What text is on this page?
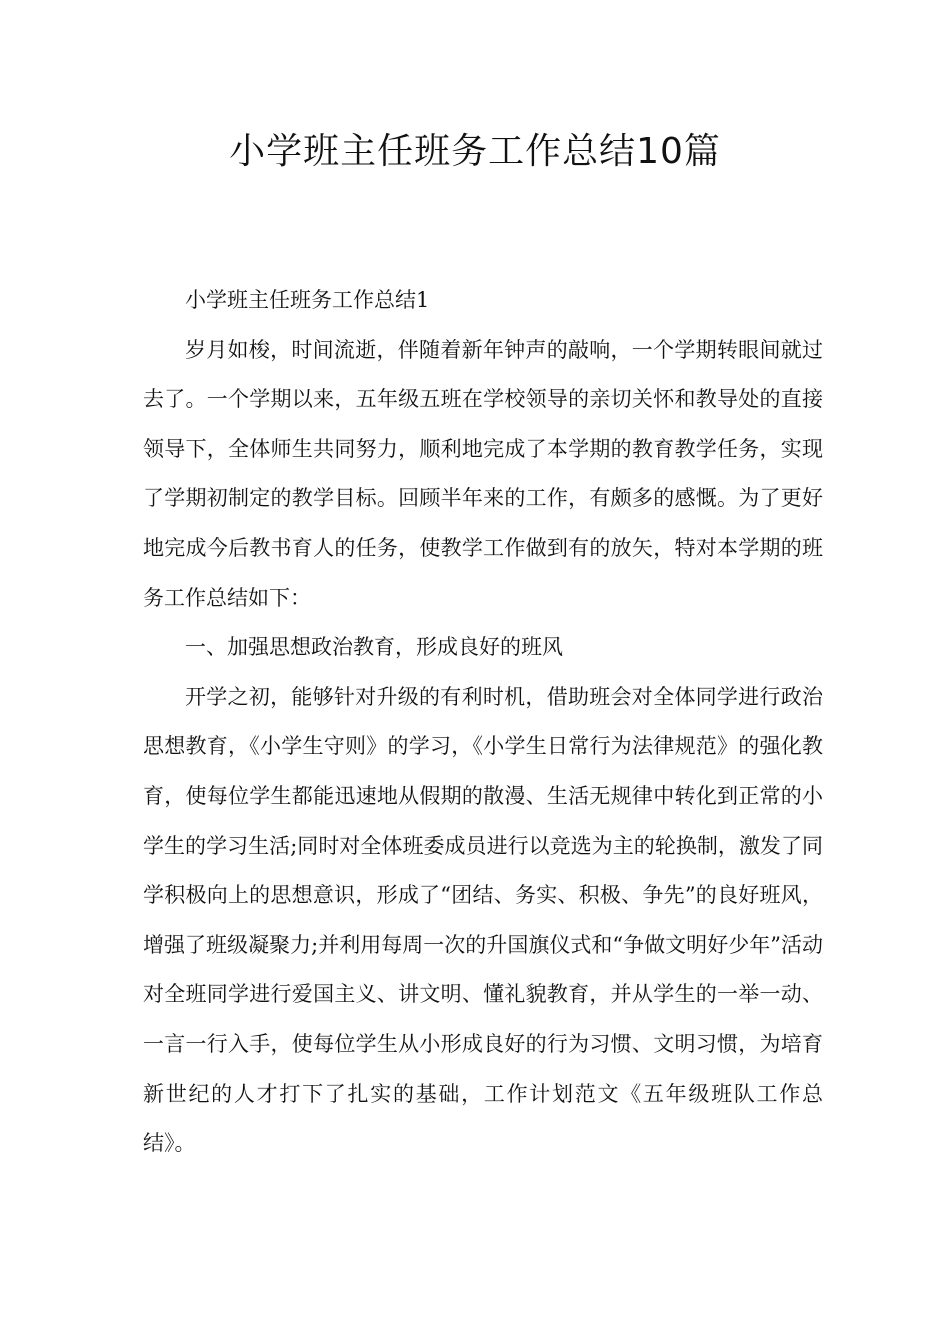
小学班主任班务工作总结10篇

小学班主任班务工作总结1

岁月如梭，时间流逝，伴随着新年钟声的敲响，一个学期转眼间就过去了。一个学期以来，五年级五班在学校领导的亲切关怀和教导处的直接领导下，全体师生共同努力，顺利地完成了本学期的教育教学任务，实现了学期初制定的教学目标。回顾半年来的工作，有颇多的感慨。为了更好地完成今后教书育人的任务，使教学工作做到有的放矢，特对本学期的班务工作总结如下：

一、加强思想政治教育，形成良好的班风

开学之初，能够针对升级的有利时机，借助班会对全体同学进行政治思想教育，《小学生守则》的学习，《小学生日常行为法律规范》的强化教育，使每位学生都能迅速地从假期的散漫、生活无规律中转化到正常的小学生的学习生活;同时对全体班委成员进行以竞选为主的轮换制，激发了同学积极向上的思想意识，形成了“团结、务实、积极、争先”的良好班风，增强了班级凝聚力;并利用每周一次的升国旗仪式和“争做文明好少年”活动对全班同学进行爱国主义、讲文明、懂礼貌教育，并从学生的一举一动、一言一行入手，使每位学生从小形成良好的行为习惯、文明习惯，为培育新世纪的人才打下了扎实的基础，工作计划范文《五年级班队工作总结》。
